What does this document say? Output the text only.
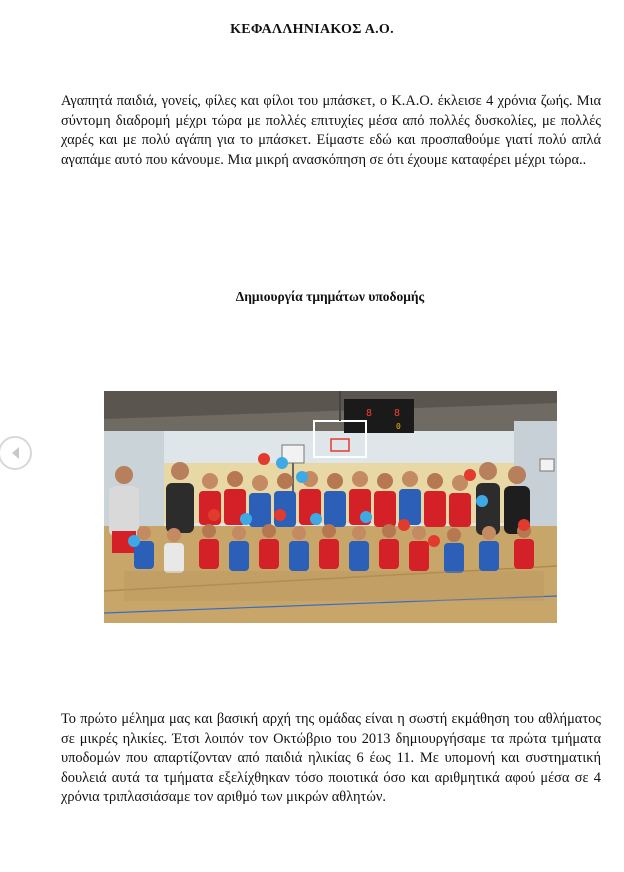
ΚΕΦΑΛΛΗΝΙΑΚΟΣ Α.Ο.
Αγαπητά παιδιά, γονείς, φίλες και φίλοι του μπάσκετ, ο Κ.Α.Ο. έκλεισε 4 χρόνια ζωής. Μια σύντομη διαδρομή μέχρι τώρα με πολλές επιτυχίες μέσα από πολλές δυσκολίες, με πολλές χαρές και με πολύ αγάπη για το μπάσκετ. Είμαστε εδώ και προσπαθούμε γιατί πολύ απλά αγαπάμε αυτό που κάνουμε. Μια μικρή ανασκόπηση σε ότι έχουμε καταφέρει μέχρι τώρα..
Δημιουργία τμημάτων υποδομής
8 8
0
Το πρώτο μέλημα μας και βασική αρχή της ομάδας είναι η σωστή εκμάθηση του αθλήματος σε μικρές ηλικίες. Έτσι λοιπόν τον Οκτώβριο του 2013 δημιουργήσαμε τα πρώτα τμήματα υποδομών που απαρτίζονταν από παιδιά ηλικίας 6 έως 11. Με υπομονή και συστηματική δουλειά αυτά τα τμήματα εξελίχθηκαν τόσο ποιοτικά όσο και αριθμητικά αφού μέσα σε 4 χρόνια τριπλασιάσαμε τον αριθμό των μικρών αθλητών.
